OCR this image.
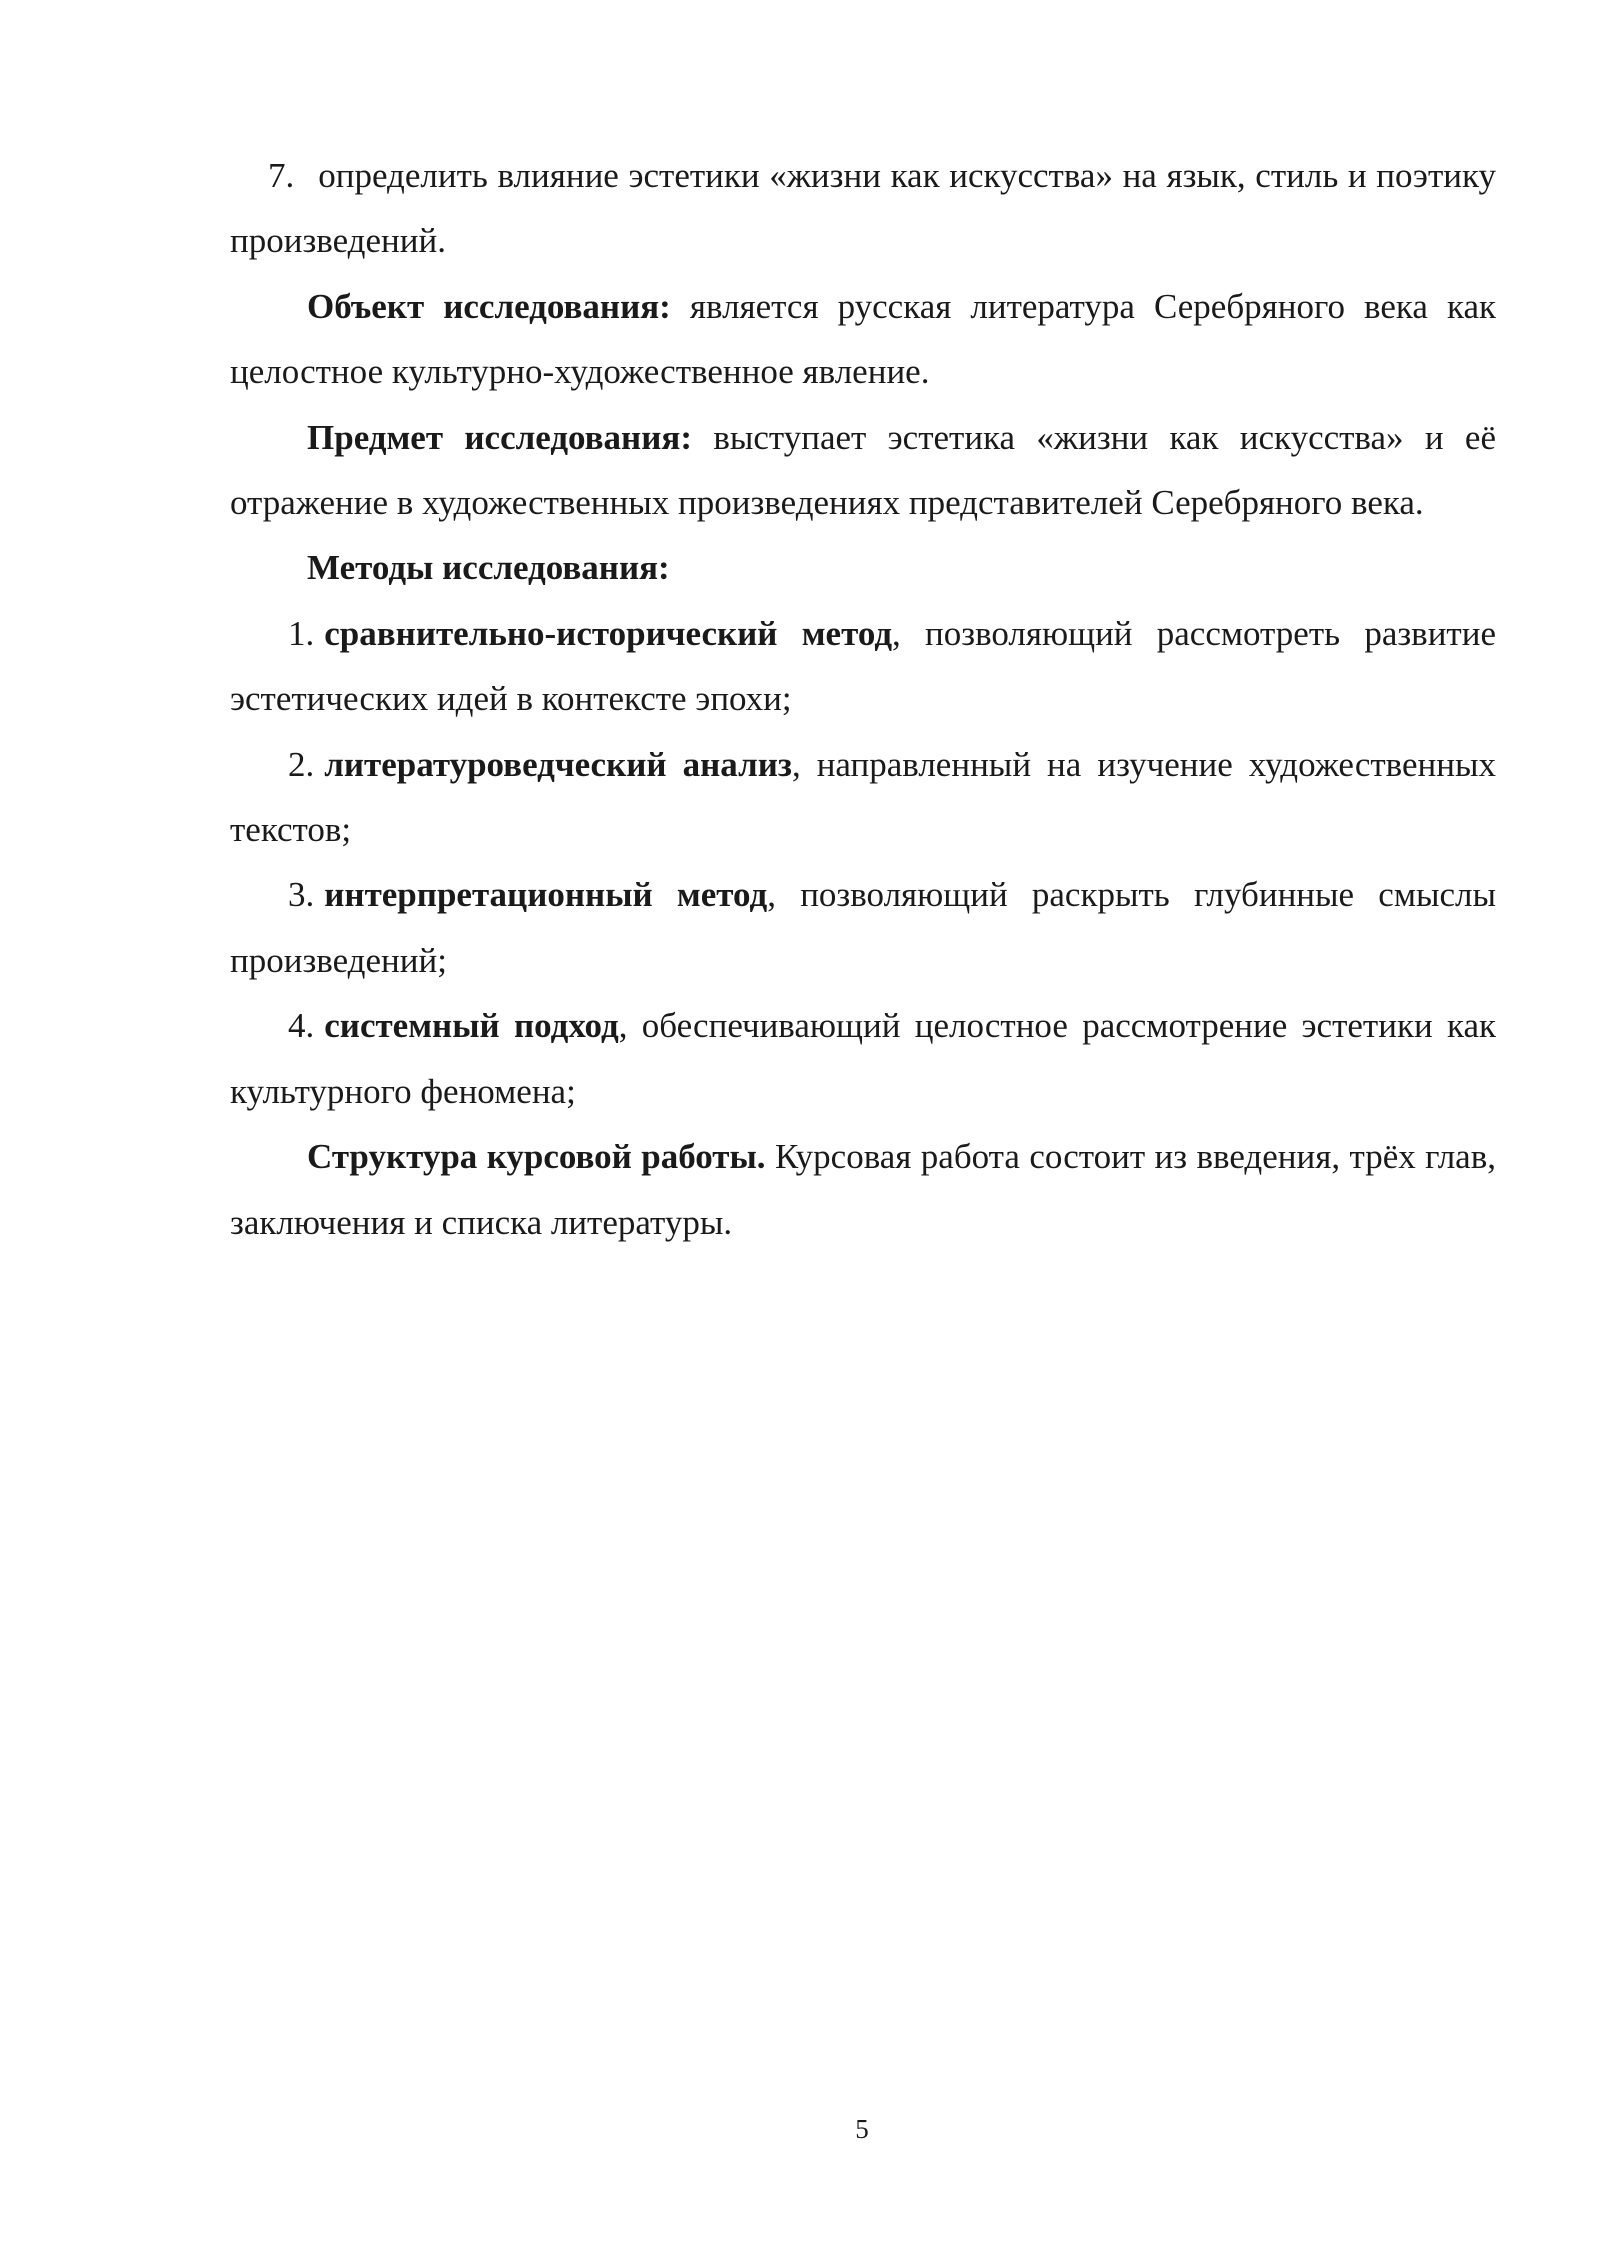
7. определить влияние эстетики «жизни как искусства» на язык, стиль и поэтику произведений.

Объект исследования: является русская литература Серебряного века как целостное культурно-художественное явление.

Предмет исследования: выступает эстетика «жизни как искусства» и её отражение в художественных произведениях представителей Серебряного века.

Методы исследования:

1. сравнительно-исторический метод, позволяющий рассмотреть развитие эстетических идей в контексте эпохи;

2. литературоведческий анализ, направленный на изучение художественных текстов;

3. интерпретационный метод, позволяющий раскрыть глубинные смыслы произведений;

4. системный подход, обеспечивающий целостное рассмотрение эстетики как культурного феномена;

Структура курсовой работы. Курсовая работа состоит из введения, трёх глав, заключения и списка литературы.

5
